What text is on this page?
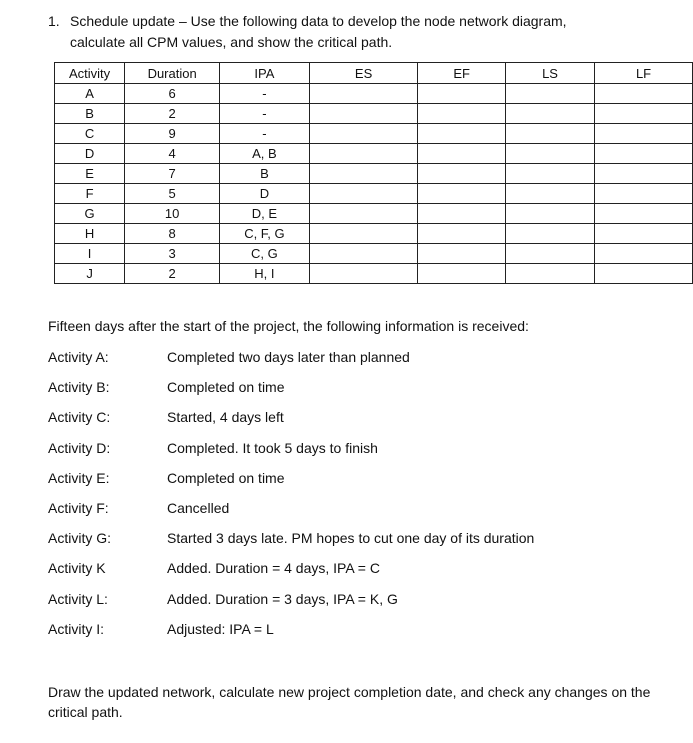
1. Schedule update – Use the following data to develop the node network diagram,
calculate all CPM values, and show the critical path.
Activity	Duration	IPA	ES	EF	LS	LF
A	6	-				
B	2	-				
C	9	-				
D	4	A, B				
E	7	B				
F	5	D				
G	10	D, E				
H	8	C, F, G				
I	3	C, G				
J	2	H, I				
Fifteen days after the start of the project, the following information is received:
Activity A:	Completed two days later than planned
Activity B:	Completed on time
Activity C:	Started, 4 days left
Activity D:	Completed. It took 5 days to finish
Activity E:	Completed on time
Activity F:	Cancelled
Activity G:	Started 3 days late. PM hopes to cut one day of its duration
Activity K	Added. Duration = 4 days, IPA = C
Activity L:	Added. Duration = 3 days, IPA = K, G
Activity I:	Adjusted: IPA = L
Draw the updated network, calculate new project completion date, and check any changes on the critical path.
